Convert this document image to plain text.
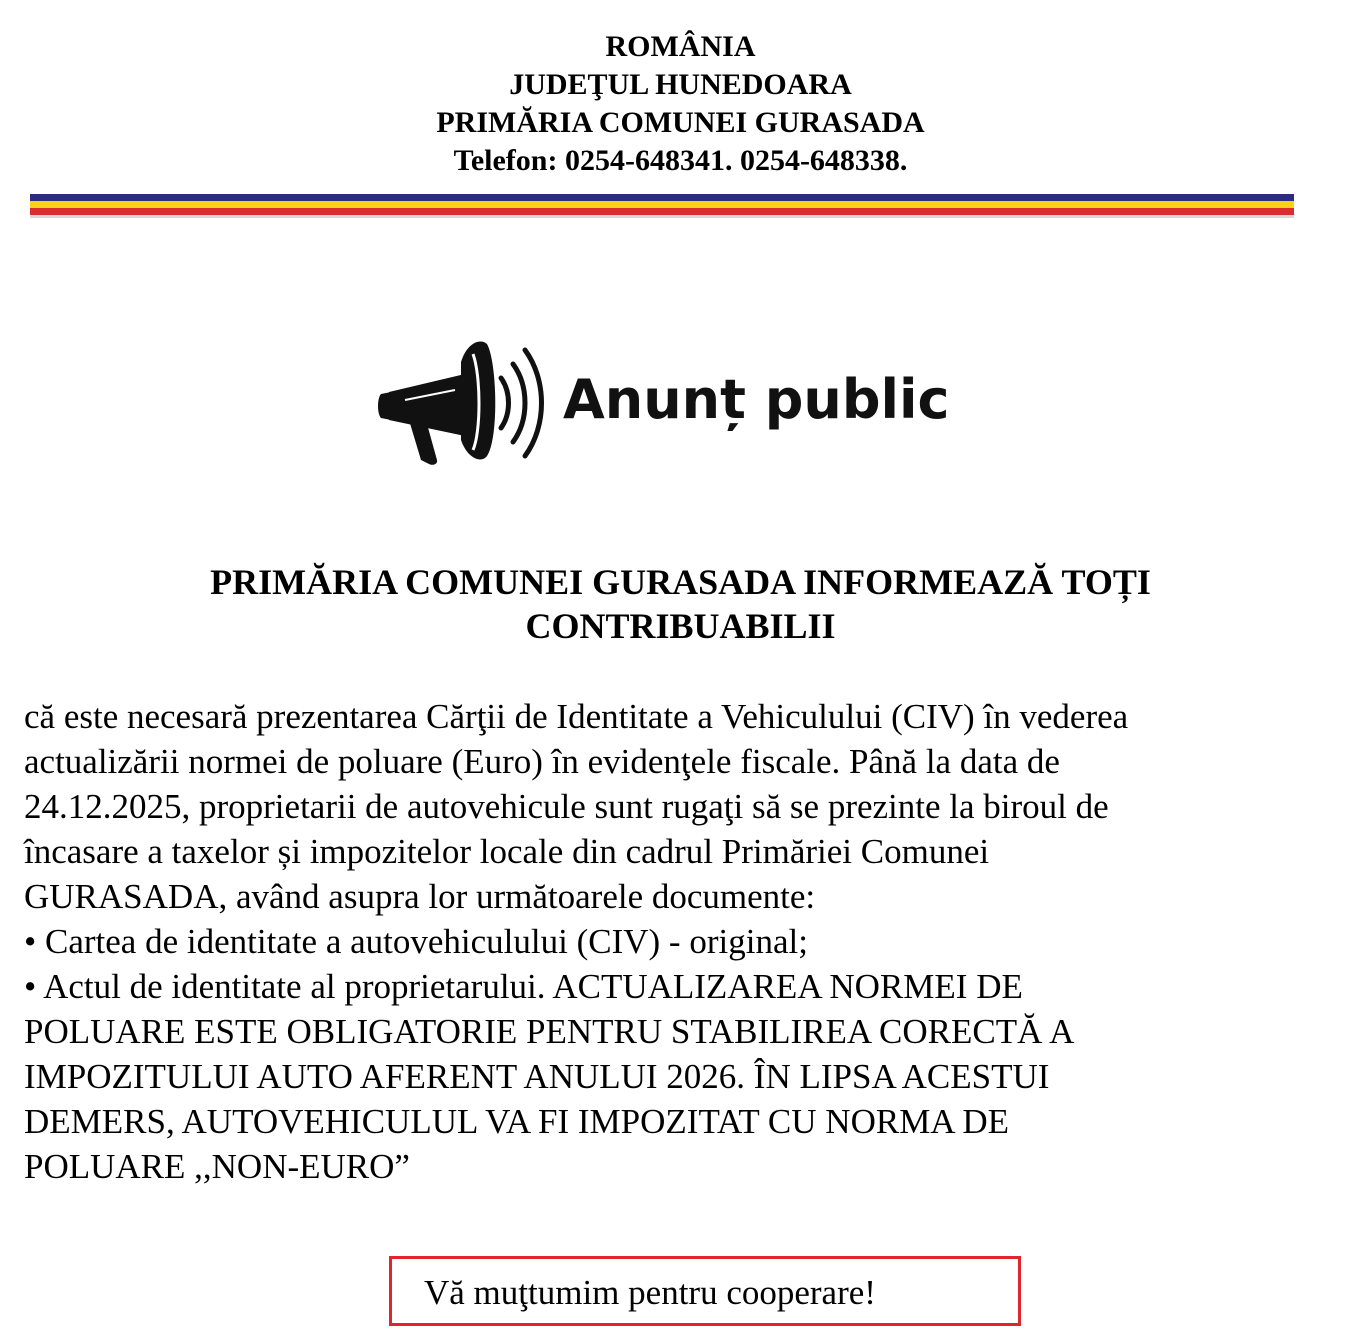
ROMÂNIA
JUDEŢUL HUNEDOARA
PRIMĂRIA COMUNEI GURASADA
Telefon: 0254-648341. 0254-648338.
Anunț public
PRIMĂRIA COMUNEI GURASADA INFORMEAZĂ TOȚI
CONTRIBUABILII
că este necesară prezentarea Cărţii de Identitate a Vehiculului (CIV) în vederea
actualizării normei de poluare (Euro) în evidenţele fiscale. Până la data de
24.12.2025, proprietarii de autovehicule sunt rugaţi să se prezinte la biroul de
încasare a taxelor și impozitelor locale din cadrul Primăriei Comunei
GURASADA, având asupra lor următoarele documente:
• Cartea de identitate a autovehiculului (CIV) - original;
• Actul de identitate al proprietarului. ACTUALIZAREA NORMEI DE
POLUARE ESTE OBLIGATORIE PENTRU STABILIREA CORECTĂ A
IMPOZITULUI AUTO AFERENT ANULUI 2026. ÎN LIPSA ACESTUI
DEMERS, AUTOVEHICULUL VA FI IMPOZITAT CU NORMA DE
POLUARE ,,NON-EURO”
Vă muţtumim pentru cooperare!
